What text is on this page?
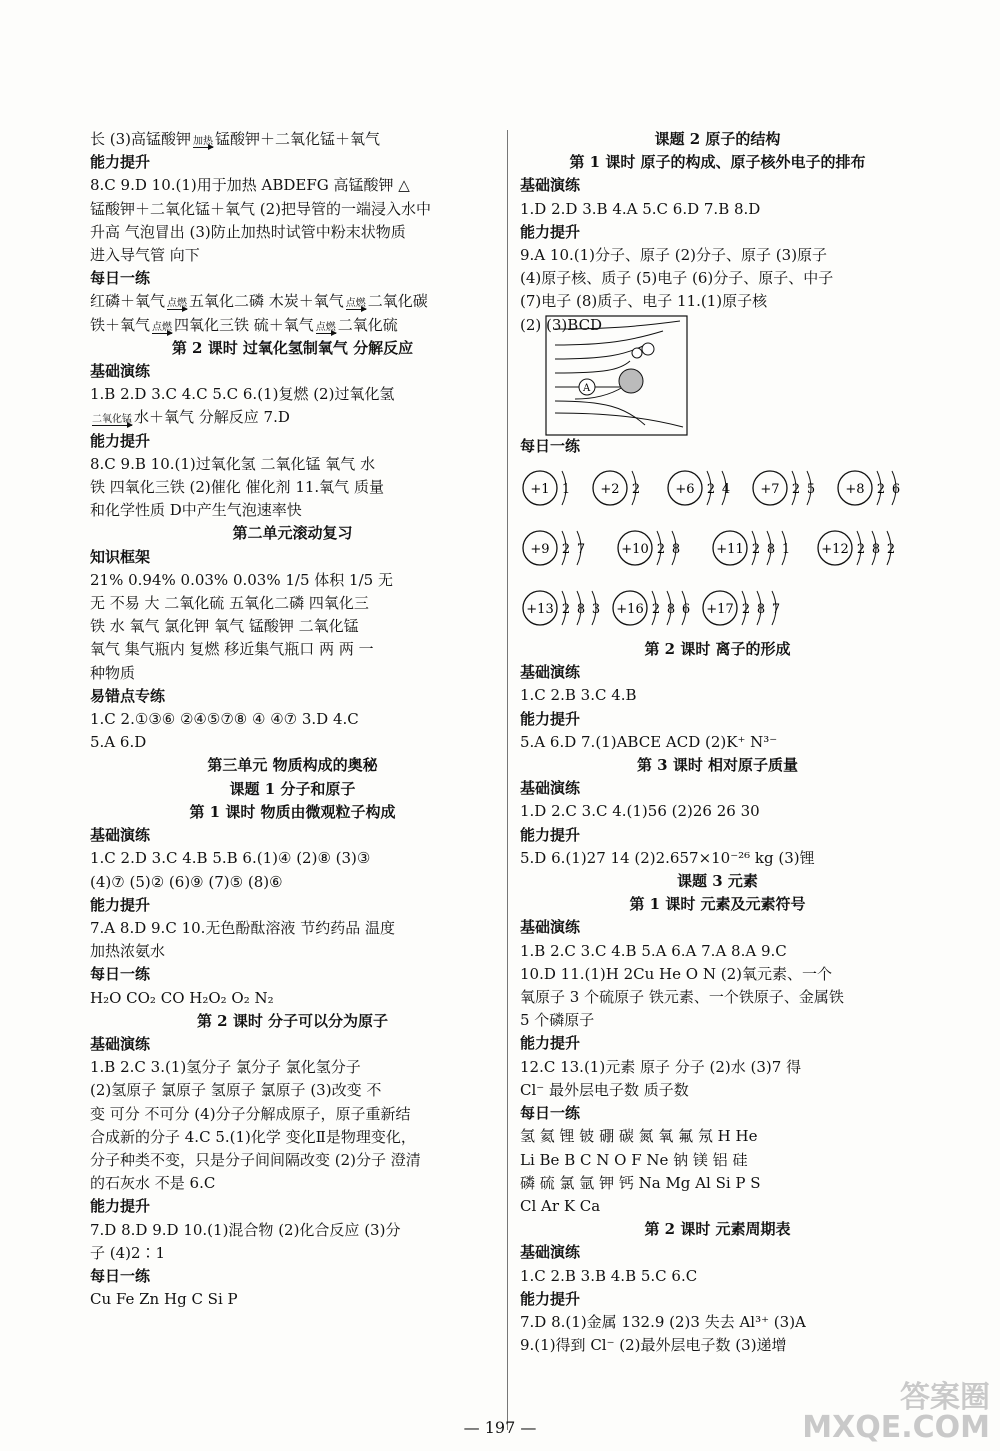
长 (3)高锰酸钾 加热 锰酸钾＋二氧化锰＋氧气
能力提升
8.C 9.D 10.(1)用于加热 ABDEFG 高锰酸钾 △
锰酸钾＋二氧化锰＋氧气 (2)把导管的一端浸入水中
升高 气泡冒出 (3)防止加热时试管中粉末状物质
进入导气管 向下
每日一练
红磷＋氧气 点燃 五氧化二磷 木炭＋氧气 点燃 二氧化碳
铁＋氧气 点燃 四氧化三铁 硫＋氧气 点燃 二氧化硫
第 2 课时 过氧化氢制氧气 分解反应
基础演练
1.B 2.D 3.C 4.C 5.C 6.(1)复燃 (2)过氧化氢
二氧化锰 水＋氧气 分解反应 7.D
能力提升
8.C 9.B 10.(1)过氧化氢 二氧化锰 氧气 水
铁 四氧化三铁 (2)催化 催化剂 11.氧气 质量
和化学性质 D中产生气泡速率快
第二单元滚动复习
知识框架
21% 0.94% 0.03% 0.03% 1/5 体积 1/5 无
无 不易 大 二氧化硫 五氧化二磷 四氧化三
铁 水 氧气 氯化钾 氧气 锰酸钾 二氧化锰
氧气 集气瓶内 复燃 移近集气瓶口 两 两 一
种物质
易错点专练
1.C 2.①③⑥ ②④⑤⑦⑧ ④ ④⑦ 3.D 4.C
5.A 6.D
第三单元 物质构成的奥秘
课题 1 分子和原子
第 1 课时 物质由微观粒子构成
基础演练
1.C 2.D 3.C 4.B 5.B 6.(1)④ (2)⑧ (3)③
(4)⑦ (5)② (6)⑨ (7)⑤ (8)⑥
能力提升
7.A 8.D 9.C 10.无色酚酞溶液 节约药品 温度
加热浓氨水
每日一练
H₂O CO₂ CO H₂O₂ O₂ N₂
第 2 课时 分子可以分为原子
基础演练
1.B 2.C 3.(1)氢分子 氯分子 氯化氢分子
(2)氢原子 氯原子 氢原子 氯原子 (3)改变 不
变 可分 不可分 (4)分子分解成原子，原子重新结
合成新的分子 4.C 5.(1)化学 变化Ⅱ是物理变化，
分子种类不变，只是分子间间隔改变 (2)分子 澄清
的石灰水 不是 6.C
能力提升
7.D 8.D 9.D 10.(1)混合物 (2)化合反应 (3)分
子 (4)2∶1
每日一练
Cu Fe Zn Hg C Si P
课题 2 原子的结构
第 1 课时 原子的构成、原子核外电子的排布
基础演练
1.D 2.D 3.B 4.A 5.C 6.D 7.B 8.D
能力提升
9.A 10.(1)分子、原子 (2)分子、原子 (3)原子
(4)原子核、质子 (5)电子 (6)分子、原子、中子
(7)电子 (8)质子、电子 11.(1)原子核
(2) (3)BCD
每日一练
+1 1 +2 2	+6 2 4 +7 2 5 +8 2 6
+9 2 7	+10 2 8	+11 2 8 1 +12 2 8 2
+13 2 8 3 +16 2 8 6 +17 2 8 7
第 2 课时 离子的形成
基础演练
1.C 2.B 3.C 4.B
能力提升
5.A 6.D 7.(1)ABCE ACD (2)K⁺ N³⁻
第 3 课时 相对原子质量
基础演练
1.D 2.C 3.C 4.(1)56 (2)26 26 30
能力提升
5.D 6.(1)27 14 (2)2.657×10⁻²⁶ kg (3)锂
课题 3 元素
第 1 课时 元素及元素符号
基础演练
1.B 2.C 3.C 4.B 5.A 6.A 7.A 8.A 9.C
10.D 11.(1)H 2Cu He O N (2)氧元素、一个
氧原子 3 个硫原子 铁元素、一个铁原子、金属铁
5 个磷原子
能力提升
12.C 13.(1)元素 原子 分子 (2)水 (3)7 得
Cl⁻ 最外层电子数 质子数
每日一练
氢 氦 锂 铍 硼 碳 氮 氧 氟 氖 H He
Li Be B C N O F Ne 钠 镁 铝 硅
磷 硫 氯 氩 钾 钙 Na Mg Al Si P S
Cl Ar K Ca
第 2 课时 元素周期表
基础演练
1.C 2.B 3.B 4.B 5.C 6.C
能力提升
7.D 8.(1)金属 132.9 (2)3 失去 Al³⁺ (3)A
9.(1)得到 Cl⁻ (2)最外层电子数 (3)递增
A
— 197 —
答案圈
MXQE.COM
